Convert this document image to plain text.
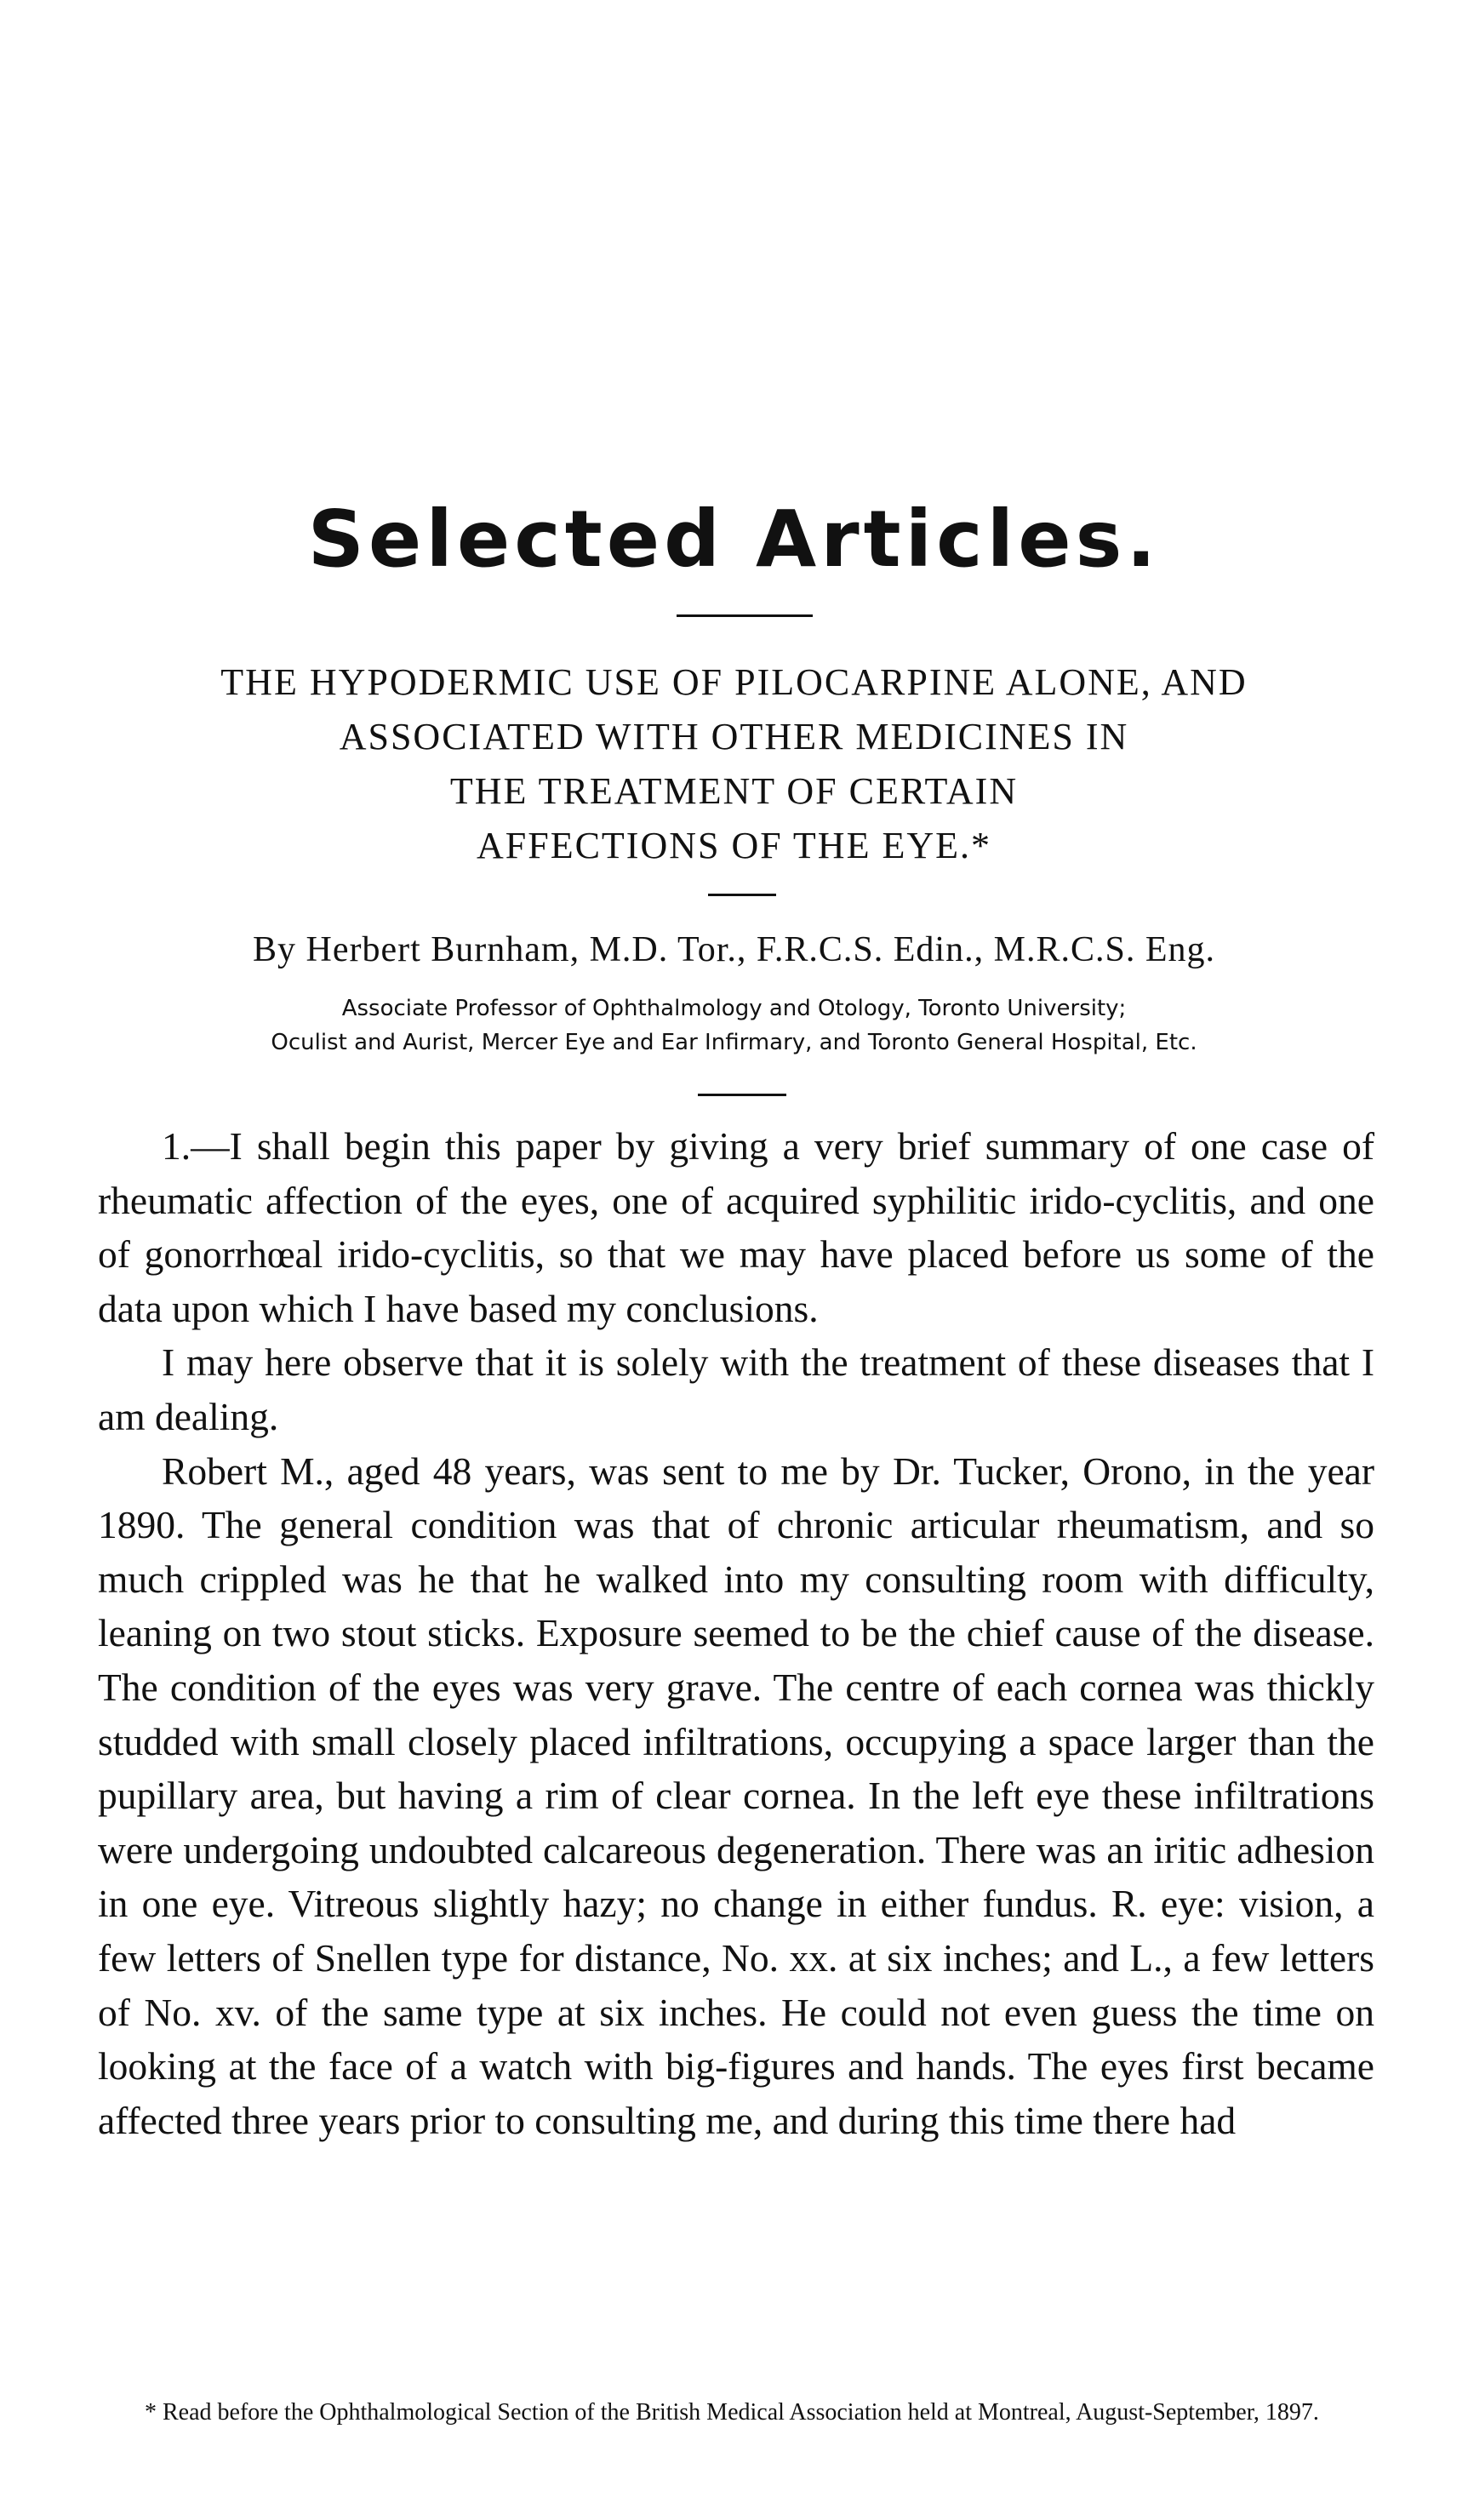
Selected Articles.
THE HYPODERMIC USE OF PILOCARPINE ALONE, AND
ASSOCIATED WITH OTHER MEDICINES IN
THE TREATMENT OF CERTAIN
AFFECTIONS OF THE EYE.*
By Herbert Burnham, M.D. Tor., F.R.C.S. Edin., M.R.C.S. Eng.
Associate Professor of Ophthalmology and Otology, Toronto University;
Oculist and Aurist, Mercer Eye and Ear Infirmary, and Toronto General Hospital, Etc.

1.—I shall begin this paper by giving a very brief summary of one case of rheumatic affection of the eyes, one of acquired syphilitic irido-cyclitis, and one of gonorrhœal irido-cyclitis, so that we may have placed before us some of the data upon which I have based my conclusions.

I may here observe that it is solely with the treatment of these diseases that I am dealing.

Robert M., aged 48 years, was sent to me by Dr. Tucker, Orono, in the year 1890. The general condition was that of chronic articular rheumatism, and so much crippled was he that he walked into my consulting room with difficulty, leaning on two stout sticks. Exposure seemed to be the chief cause of the disease. The condition of the eyes was very grave. The centre of each cornea was thickly studded with small closely placed infiltrations, occupying a space larger than the pupillary area, but having a rim of clear cornea. In the left eye these infiltrations were undergoing undoubted calcareous degeneration. There was an iritic adhesion in one eye. Vitreous slightly hazy; no change in either fundus. R. eye: vision, a few letters of Snellen type for distance, No. xx. at six inches; and L., a few letters of No. xv. of the same type at six inches. He could not even guess the time on looking at the face of a watch with big-figures and hands. The eyes first became affected three years prior to consulting me, and during this time there had

* Read before the Ophthalmological Section of the British Medical Association held at Montreal, August-September, 1897.
